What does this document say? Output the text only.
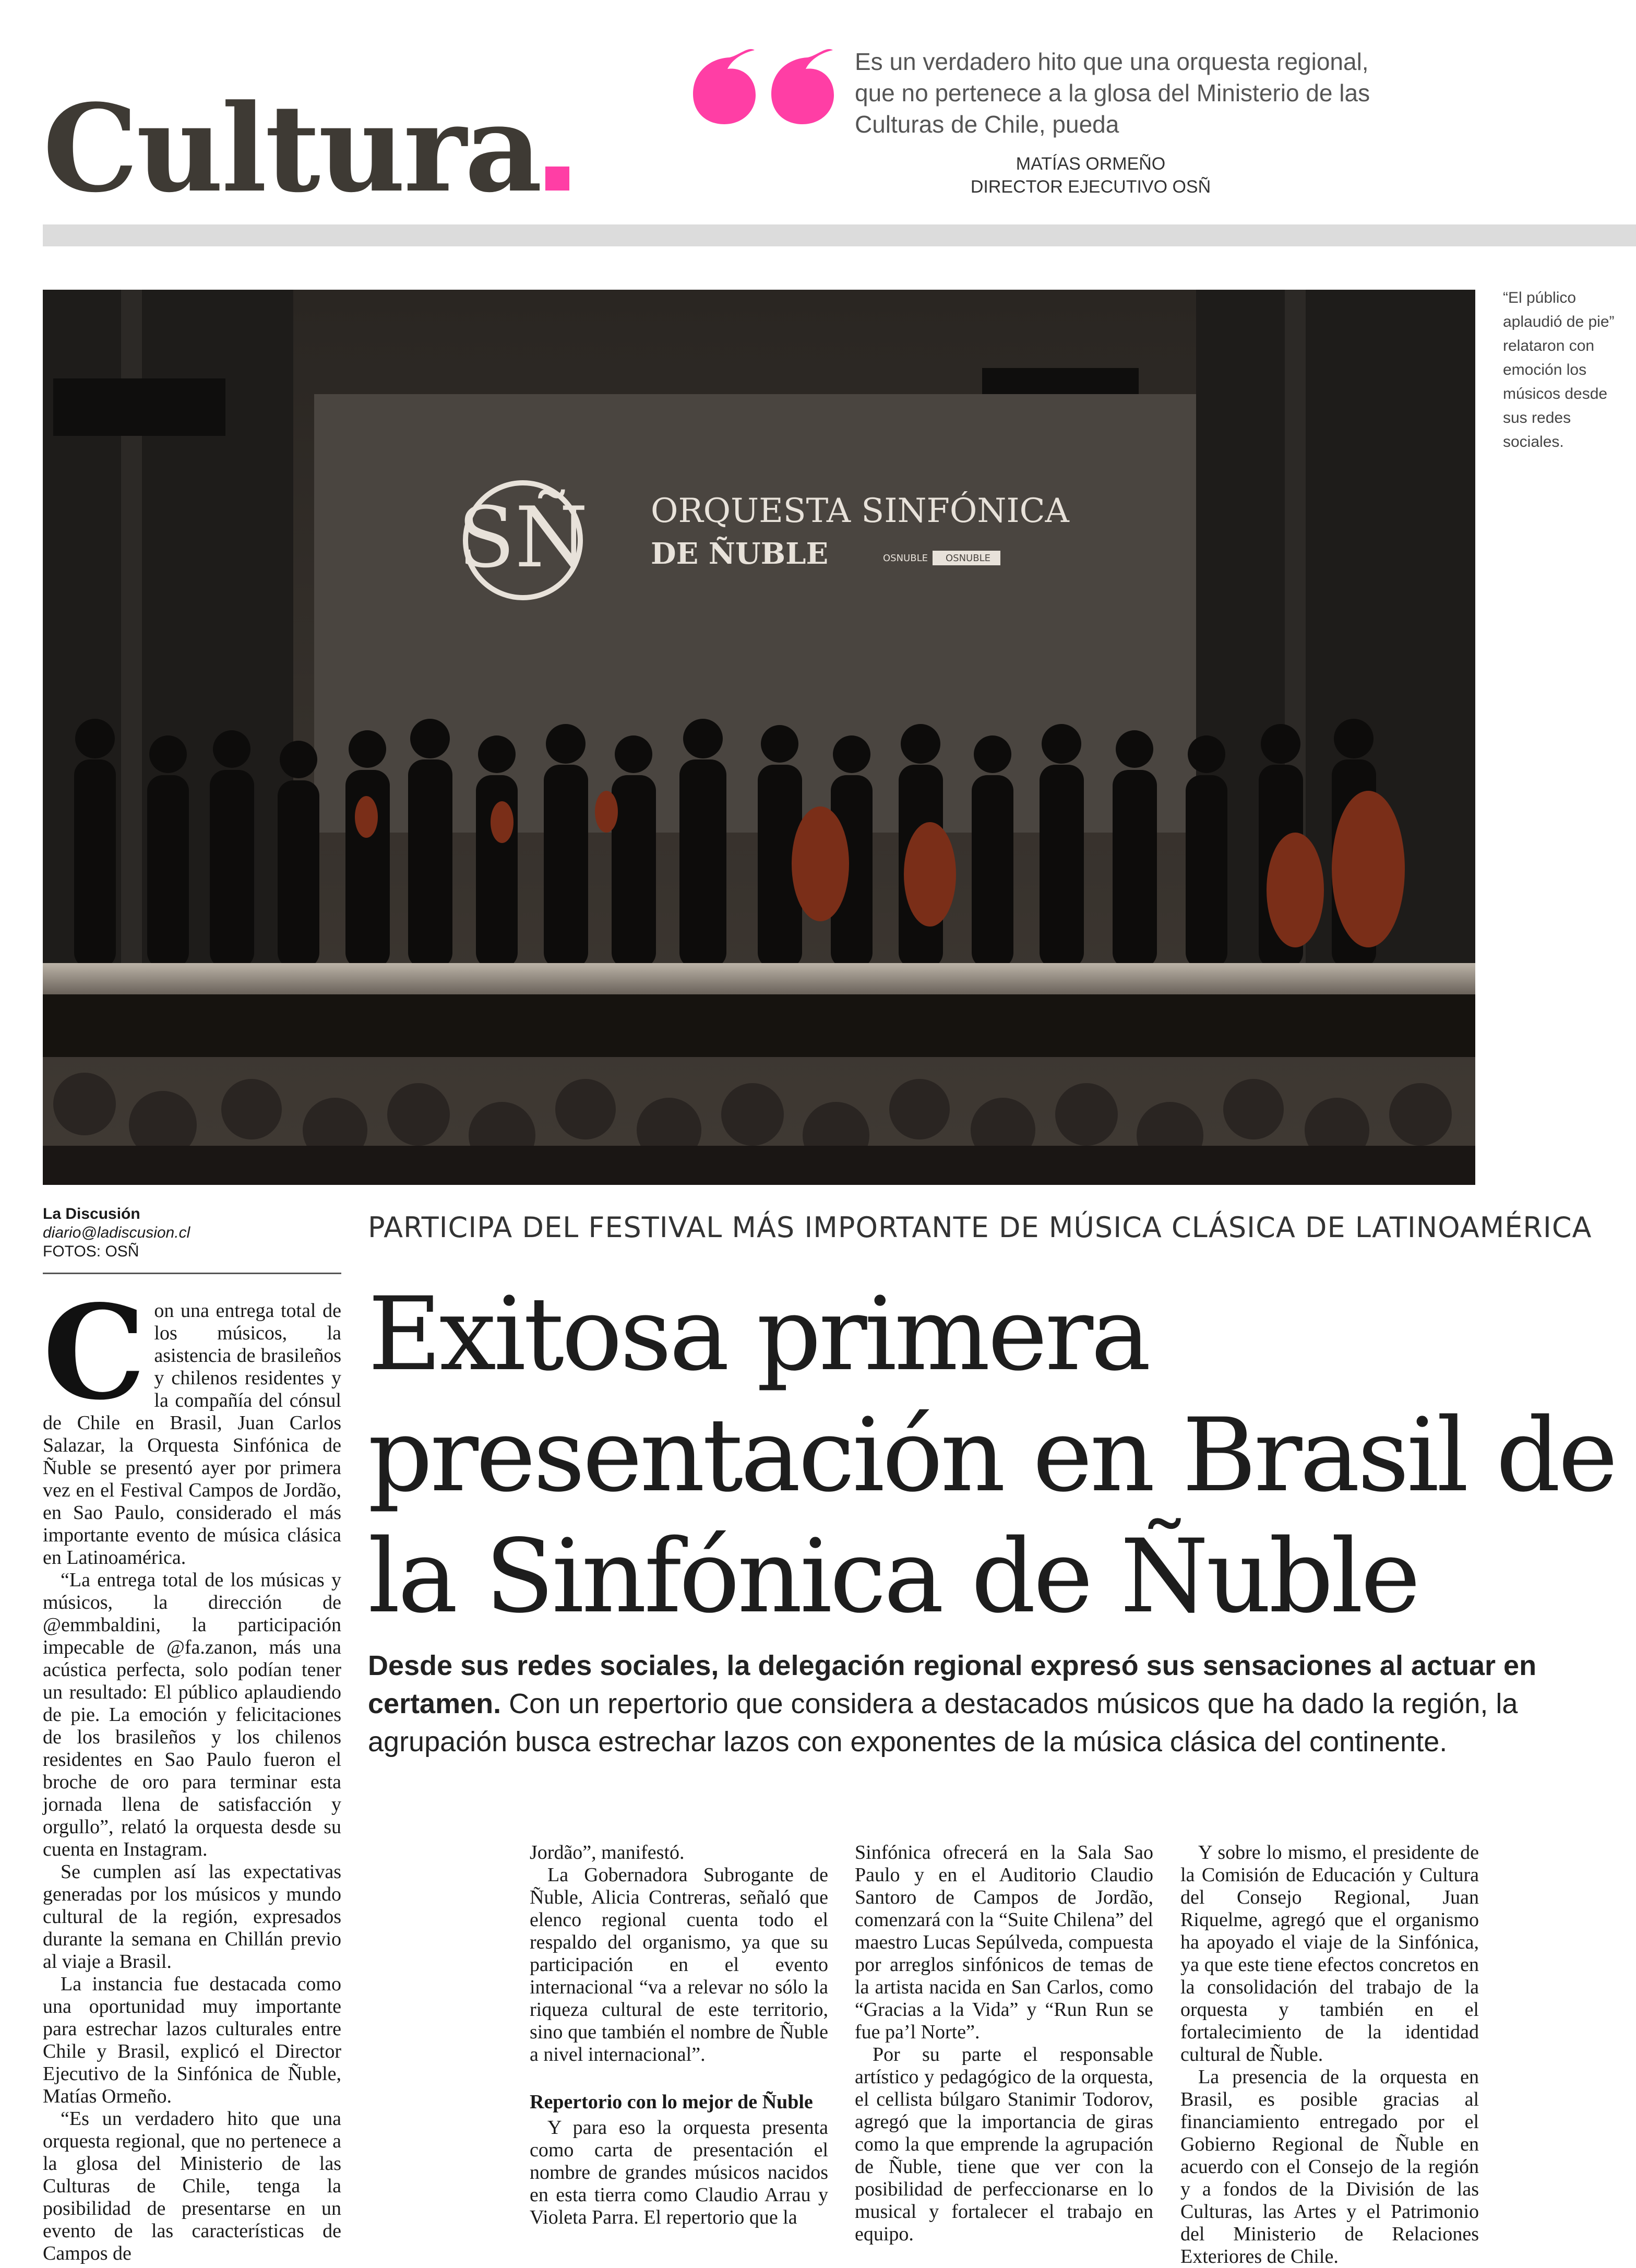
Cultura
Es un verdadero hito que una orquesta regional, que no pertenece a la glosa del Ministerio de las Culturas de Chile, pueda
MATÍAS ORMEÑO
DIRECTOR EJECUTIVO OSÑ
SÑ ORQUESTA SINFÓNICA
DE ÑUBLE	OSNUBLE OSNUBLE
“El público aplaudió de pie” relataron con emoción los músicos desde sus redes sociales.
La Discusión
diario@ladiscusion.cl
FOTOS: OSÑ
PARTICIPA DEL FESTIVAL MÁS IMPORTANTE DE MÚSICA CLÁSICA DE LATINOAMÉRICA
Exitosa primera presentación en Brasil de la Sinfónica de Ñuble
Desde sus redes sociales, la delegación regional expresó sus sensaciones al actuar en certamen. Con un repertorio que considera a destacados músicos que ha dado la región, la agrupación busca estrechar lazos con exponentes de la música clásica del continente.
C on una entrega total de los músicos, la asistencia de brasileños y chilenos residentes y la compañía del cónsul de Chile en Brasil, Juan Carlos Salazar, la Orquesta Sinfónica de Ñuble se presentó ayer por primera vez en el Festival Campos de Jordão, en Sao Paulo, considerado el más importante evento de música clásica en Latinoamérica.

“La entrega total de los músicas y músicos, la dirección de @emmbaldini, la participación impecable de @fa.zanon, más una acústica perfecta, solo podían tener un resultado: El público aplaudiendo de pie. La emoción y felicitaciones de los brasileños y los chilenos residentes en Sao Paulo fueron el broche de oro para terminar esta jornada llena de satisfacción y orgullo”, relató la orquesta desde su cuenta en Instagram.

Se cumplen así las expectativas generadas por los músicos y mundo cultural de la región, expresados durante la semana en Chillán previo al viaje a Brasil.

La instancia fue destacada como una oportunidad muy importante para estrechar lazos culturales entre Chile y Brasil, explicó el Director Ejecutivo de la Sinfónica de Ñuble, Matías Ormeño.

“Es un verdadero hito que una orquesta regional, que no pertenece a la glosa del Ministerio de las Culturas de Chile, tenga la posibilidad de presentarse en un evento de las características de Campos de

Jordão”, manifestó.

La Gobernadora Subrogante de Ñuble, Alicia Contreras, señaló que elenco regional cuenta todo el respaldo del organismo, ya que su participación en el evento internacional “va a relevar no sólo la riqueza cultural de este territorio, sino que también el nombre de Ñuble a nivel internacional”.

Repertorio con lo mejor de Ñuble

Y para eso la orquesta presenta como carta de presentación el nombre de grandes músicos nacidos en esta tierra como Claudio Arrau y Violeta Parra. El repertorio que la

Sinfónica ofrecerá en la Sala Sao Paulo y en el Auditorio Claudio Santoro de Campos de Jordão, comenzará con la “Suite Chilena” del maestro Lucas Sepúlveda, compuesta por arreglos sinfónicos de temas de la artista nacida en San Carlos, como “Gracias a la Vida” y “Run Run se fue pa’l Norte”.

Por su parte el responsable artístico y pedagógico de la orquesta, el cellista búlgaro Stanimir Todorov, agregó que la importancia de giras como la que emprende la agrupación de Ñuble, tiene que ver con la posibilidad de perfeccionarse en lo musical y fortalecer el trabajo en equipo.

Y sobre lo mismo, el presidente de la Comisión de Educación y Cultura del Consejo Regional, Juan Riquelme, agregó que el organismo ha apoyado el viaje de la Sinfónica, ya que este tiene efectos concretos en la consolidación del trabajo de la orquesta y también en el fortalecimiento de la identidad cultural de Ñuble.

La presencia de la orquesta en Brasil, es posible gracias al financiamiento entregado por el Gobierno Regional de Ñuble en acuerdo con el Consejo de la región y a fondos de la División de las Culturas, las Artes y el Patrimonio del Ministerio de Relaciones Exteriores de Chile.
